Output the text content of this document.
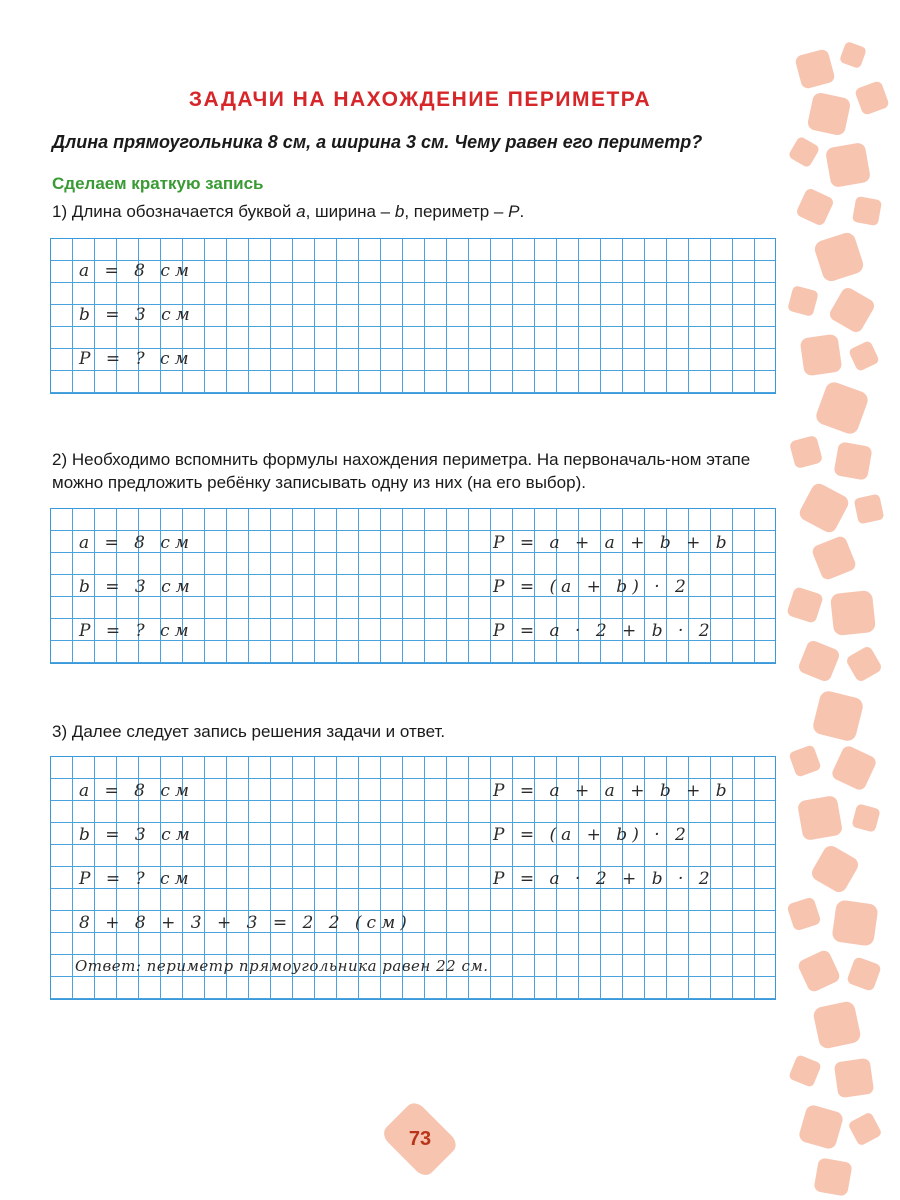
ЗАДАЧИ НА НАХОЖДЕНИЕ ПЕРИМЕТРА
Длина прямоугольника 8 см, а ширина 3 см. Чему равен его периметр?
Сделаем краткую запись
1) Длина обозначается буквой a, ширина – b, периметр – P.
a = 8 см
b = 3 см
P = ? см
2) Необходимо вспомнить формулы нахождения периметра. На первоначаль-ном этапе можно предложить ребёнку записывать одну из них (на его выбор).
a = 8 см
b = 3 см
P = ? см
P = a + a + b + b
P = (a + b) · 2
P = a · 2 + b · 2
3) Далее следует запись решения задачи и ответ.
a = 8 см
b = 3 см
P = ? см
P = a + a + b + b
P = (a + b) · 2
P = a · 2 + b · 2
8 + 8 + 3 + 3 = 2 2 (см)
Ответ: периметр прямоугольника равен 22 см.
73
